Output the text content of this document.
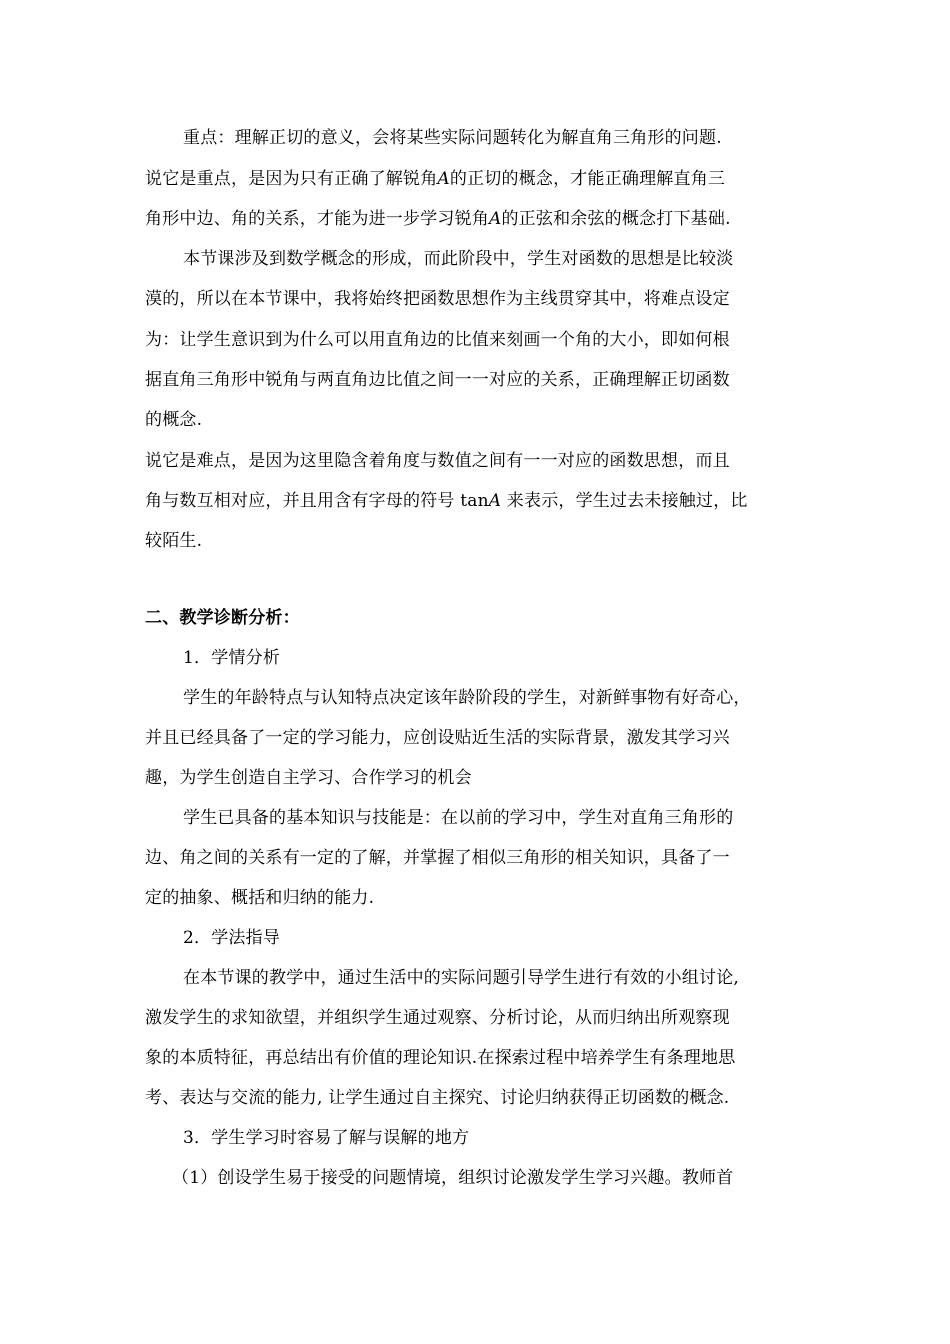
重点：理解正切的意义，会将某些实际问题转化为解直角三角形的问题.
说它是重点，是因为只有正确了解锐角A的正切的概念，才能正确理解直角三
角形中边、角的关系，才能为进一步学习锐角A的正弦和余弦的概念打下基础.
本节课涉及到数学概念的形成，而此阶段中，学生对函数的思想是比较淡
漠的，所以在本节课中，我将始终把函数思想作为主线贯穿其中，将难点设定
为：让学生意识到为什么可以用直角边的比值来刻画一个角的大小，即如何根
据直角三角形中锐角与两直角边比值之间一一对应的关系，正确理解正切函数
的概念.
说它是难点，是因为这里隐含着角度与数值之间有一一对应的函数思想，而且
角与数互相对应，并且用含有字母的符号 tanA 来表示，学生过去未接触过，比
较陌生.
二、教学诊断分析：
1．学情分析
学生的年龄特点与认知特点决定该年龄阶段的学生，对新鲜事物有好奇心，
并且已经具备了一定的学习能力，应创设贴近生活的实际背景，激发其学习兴
趣，为学生创造自主学习、合作学习的机会
学生已具备的基本知识与技能是：在以前的学习中，学生对直角三角形的
边、角之间的关系有一定的了解，并掌握了相似三角形的相关知识，具备了一
定的抽象、概括和归纳的能力.
2．学法指导
在本节课的教学中，通过生活中的实际问题引导学生进行有效的小组讨论,
激发学生的求知欲望，并组织学生通过观察、分析讨论，从而归纳出所观察现
象的本质特征，再总结出有价值的理论知识.在探索过程中培养学生有条理地思
考、表达与交流的能力, 让学生通过自主探究、讨论归纳获得正切函数的概念.
3．学生学习时容易了解与误解的地方
（1）创设学生易于接受的问题情境，组织讨论激发学生学习兴趣。教师首
